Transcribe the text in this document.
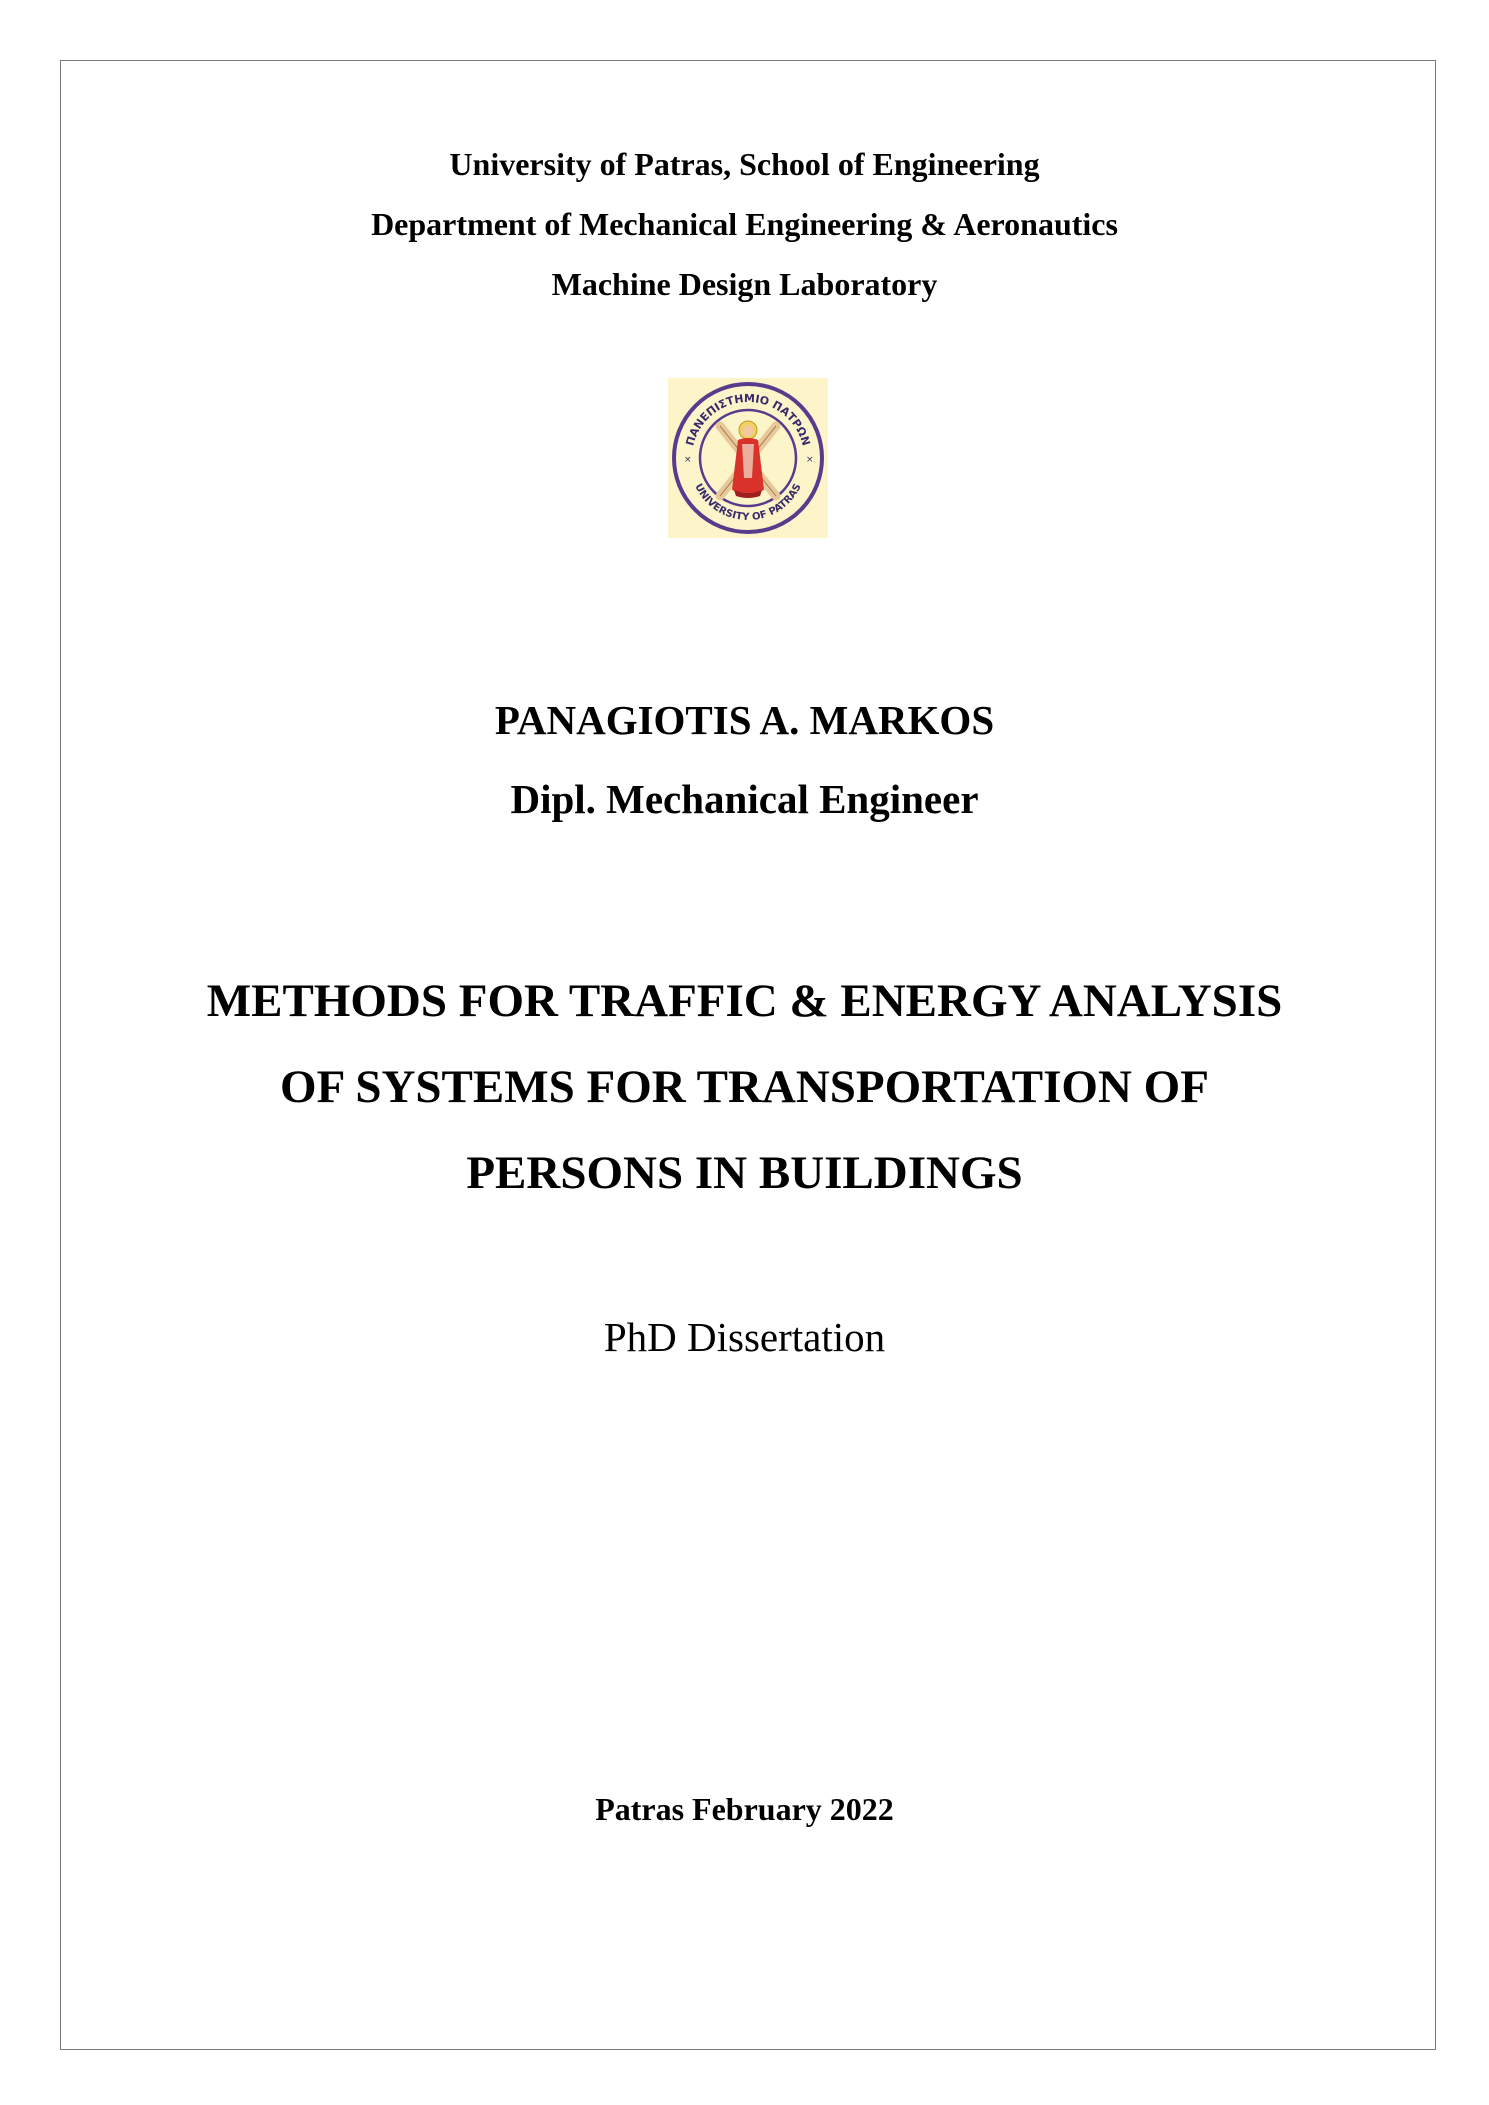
University of Patras, School of Engineering
Department of Mechanical Engineering & Aeronautics
Machine Design Laboratory
ΠΑΝΕΠΙΣΤΗΜΙΟ ΠΑΤΡΩΝ
UNIVERSITY OF PATRAS
×	×
PANAGIOTIS A. MARKOS
Dipl. Mechanical Engineer
METHODS FOR TRAFFIC & ENERGY ANALYSIS
OF SYSTEMS FOR TRANSPORTATION OF
PERSONS IN BUILDINGS
PhD Dissertation
Patras February 2022
